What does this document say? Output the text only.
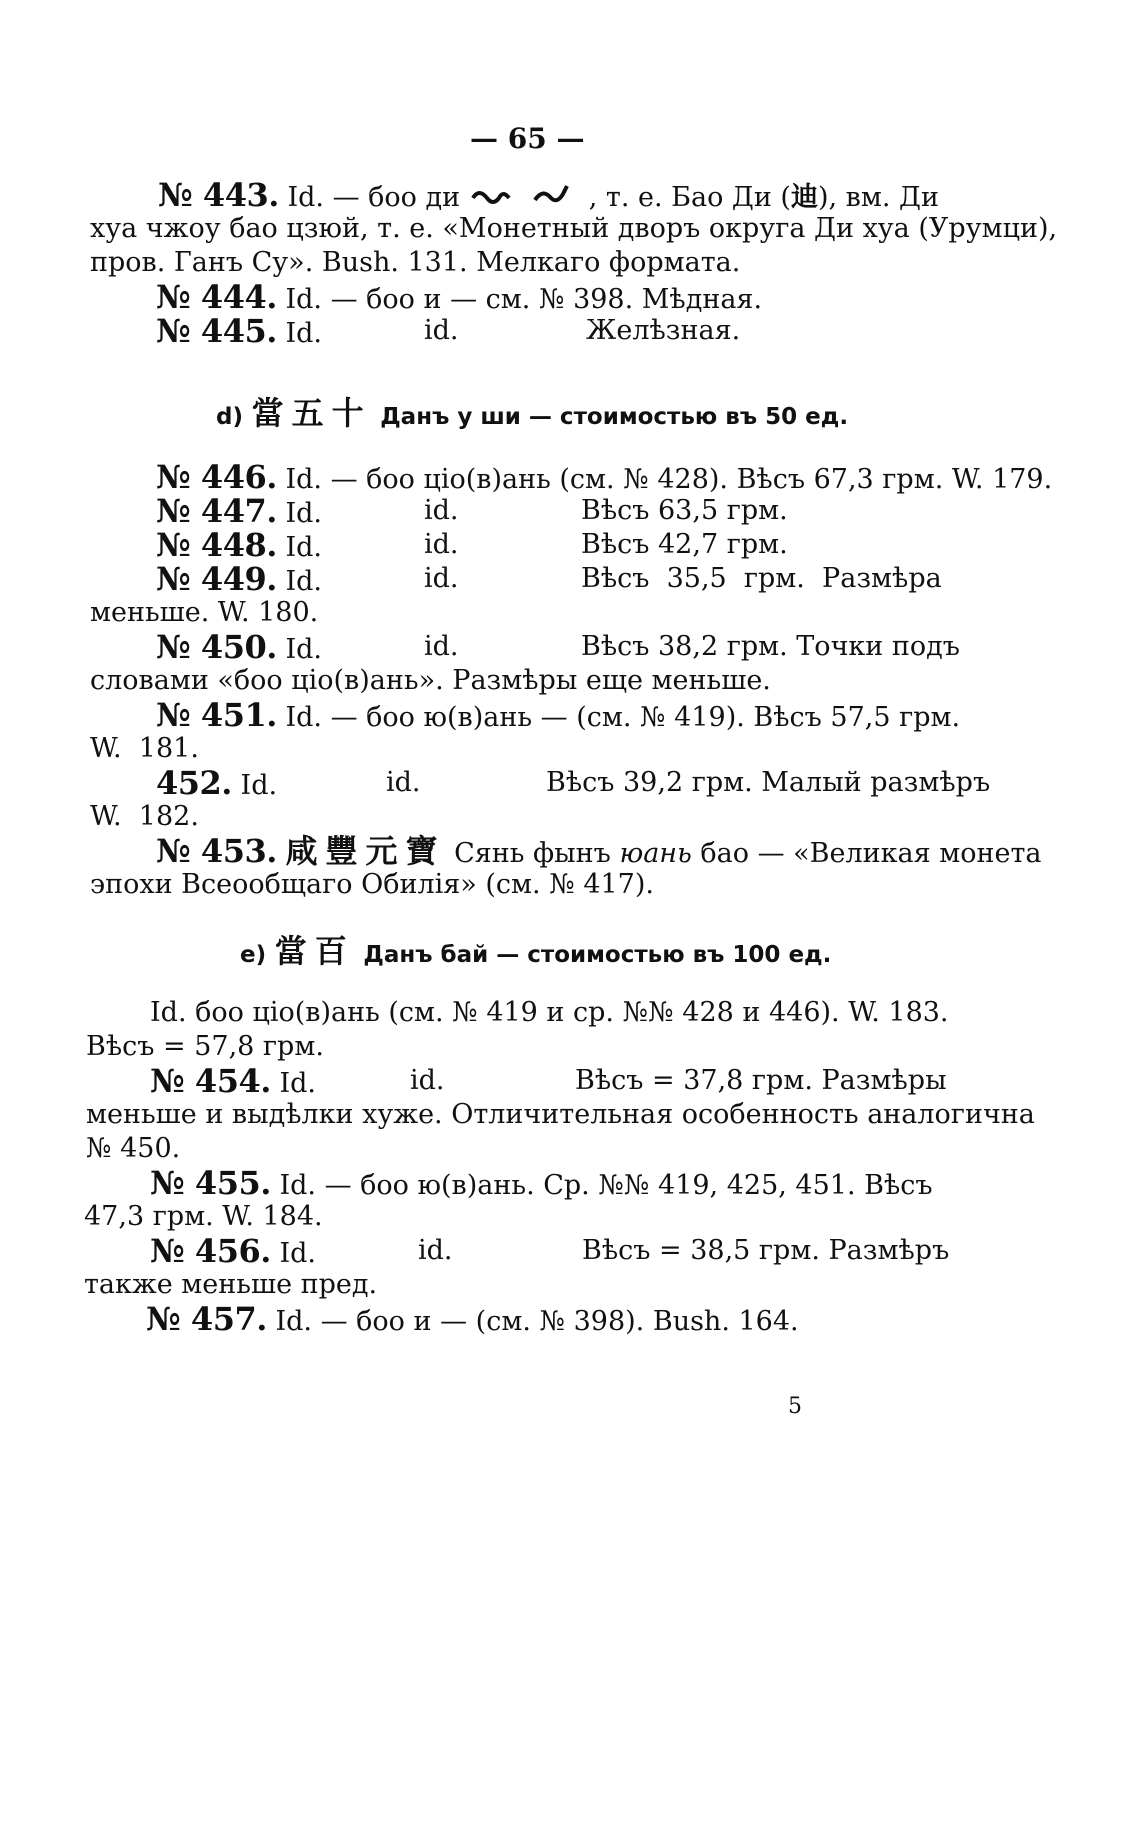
— 65 —
№ 443. Id. — боо ди	, т. е. Бао Ди (迪), вм. Ди
хуа чжоу бао цзюй, т. е. «Монетный дворъ округа Ди хуа (Урумци),
пров. Ганъ Су». Bush. 131. Мелкаго формата.
№ 444. Id. — боо и — см. № 398. Мѣдная.
№ 445. Id.	id.	Желѣзная.
d) 當五十 Данъ у ши — стоимостью въ 50 ед.
№ 446. Id. — боо ціо(в)ань (см. № 428). Вѣсъ 67,3 грм. W. 179.
№ 447. Id.	id.	Вѣсъ 63,5 грм.
№ 448. Id.	id.	Вѣсъ 42,7 грм.
№ 449. Id.	id.	Вѣсъ  35,5  грм.  Размѣра
меньше. W. 180.
№ 450. Id.	id.	Вѣсъ 38,2 грм. Точки подъ
словами «боо ціо(в)ань». Размѣры еще меньше.
№ 451. Id. — боо ю(в)ань — (см. № 419). Вѣсъ 57,5 грм.
W.  181.
452. Id.	id.	Вѣсъ 39,2 грм. Малый размѣръ
W.  182.
№ 453. 咸豐元寶 Сянь фынъ юань бао — «Великая монета
эпохи Всеообщаго Обилія» (см. № 417).
е) 當百 Данъ бай — стоимостью въ 100 ед.
Id. боо ціо(в)ань (см. № 419 и ср. №№ 428 и 446). W. 183.
Вѣсъ = 57,8 грм.
№ 454. Id.	id.	Вѣсъ = 37,8 грм. Размѣры
меньше и выдѣлки хуже. Отличительная особенность аналогична
№ 450.
№ 455. Id. — боо ю(в)ань. Ср. №№ 419, 425, 451. Вѣсъ
47,3 грм. W. 184.
№ 456. Id.	id.	Вѣсъ = 38,5 грм. Размѣръ
также меньше пред.
№ 457. Id. — боо и — (см. № 398). Bush. 164.
5
